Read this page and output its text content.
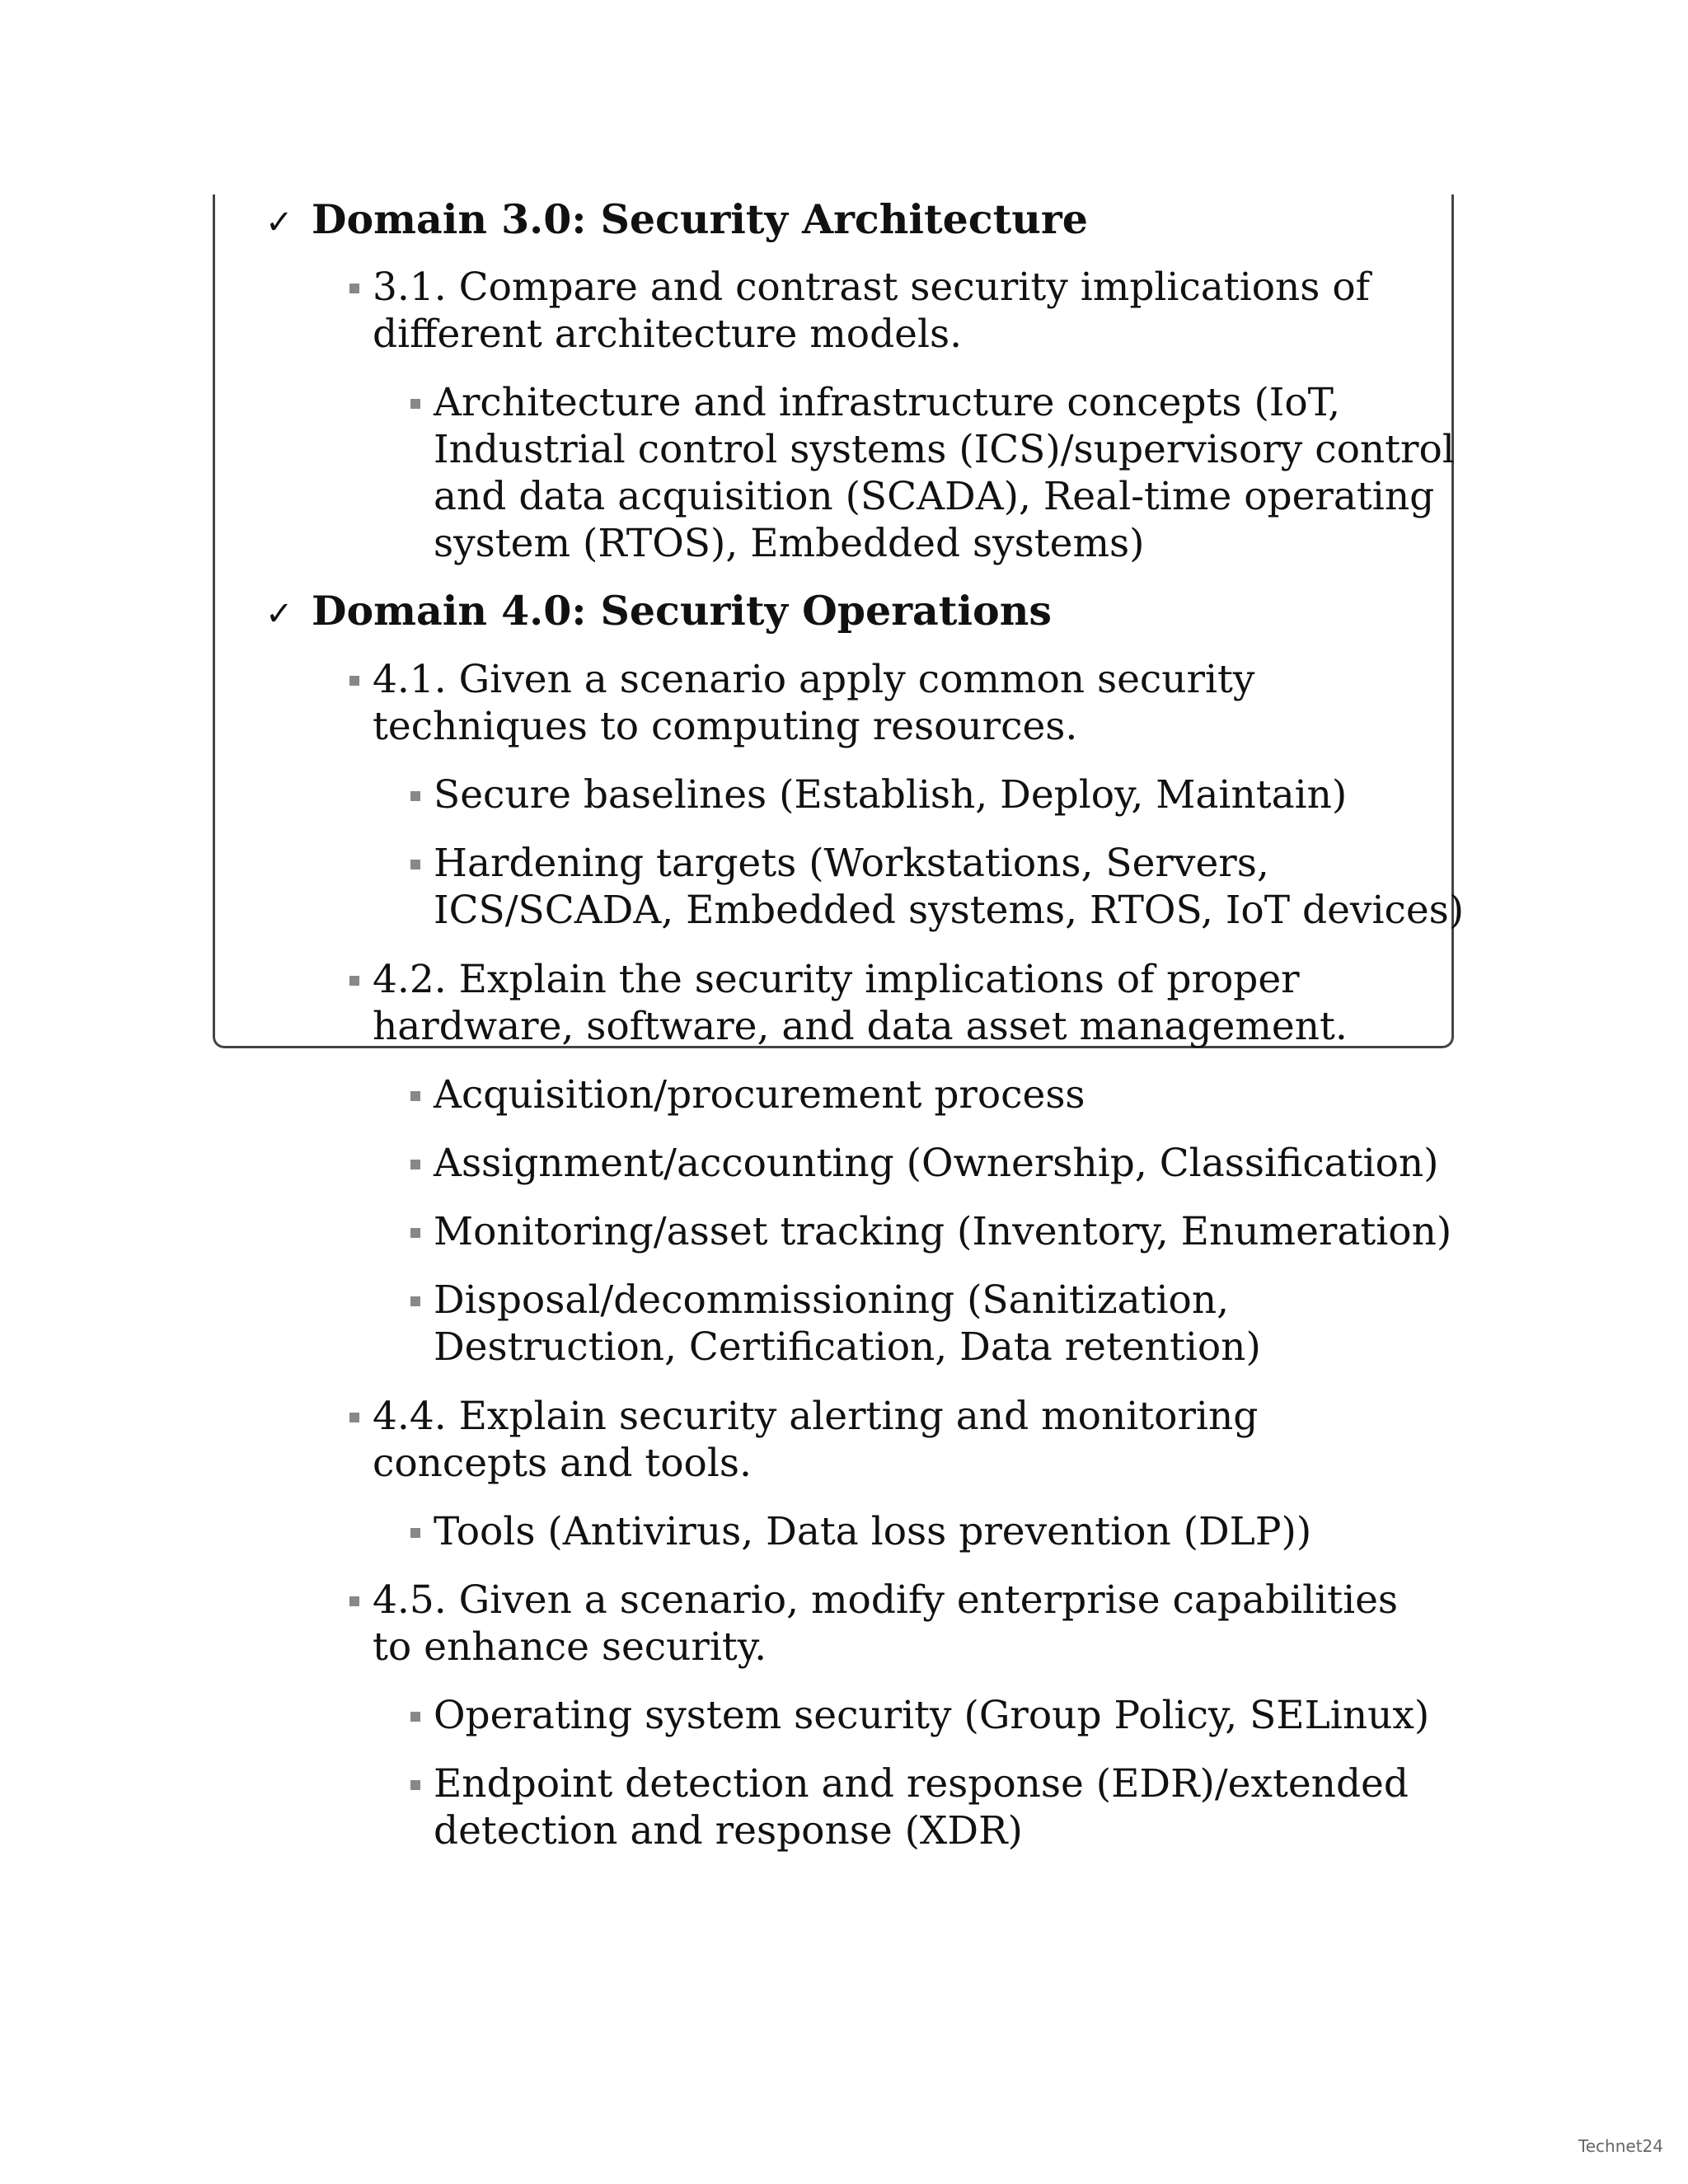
✓ Domain 3.0: Security Architecture
3.1. Compare and contrast security implications of different architecture models.
Architecture and infrastructure concepts (IoT, Industrial control systems (ICS)/supervisory control and data acquisition (SCADA), Real-time operating system (RTOS), Embedded systems)
✓ Domain 4.0: Security Operations
4.1. Given a scenario apply common security techniques to computing resources.
Secure baselines (Establish, Deploy, Maintain)
Hardening targets (Workstations, Servers, ICS/SCADA, Embedded systems, RTOS, IoT devices)
4.2. Explain the security implications of proper hardware, software, and data asset management.
Acquisition/procurement process
Assignment/accounting (Ownership, Classification)
Monitoring/asset tracking (Inventory, Enumeration)
Disposal/decommissioning (Sanitization, Destruction, Certification, Data retention)
4.4. Explain security alerting and monitoring concepts and tools.
Tools (Antivirus, Data loss prevention (DLP))
4.5. Given a scenario, modify enterprise capabilities to enhance security.
Operating system security (Group Policy, SELinux)
Endpoint detection and response (EDR)/extended detection and response (XDR)
Technet24
